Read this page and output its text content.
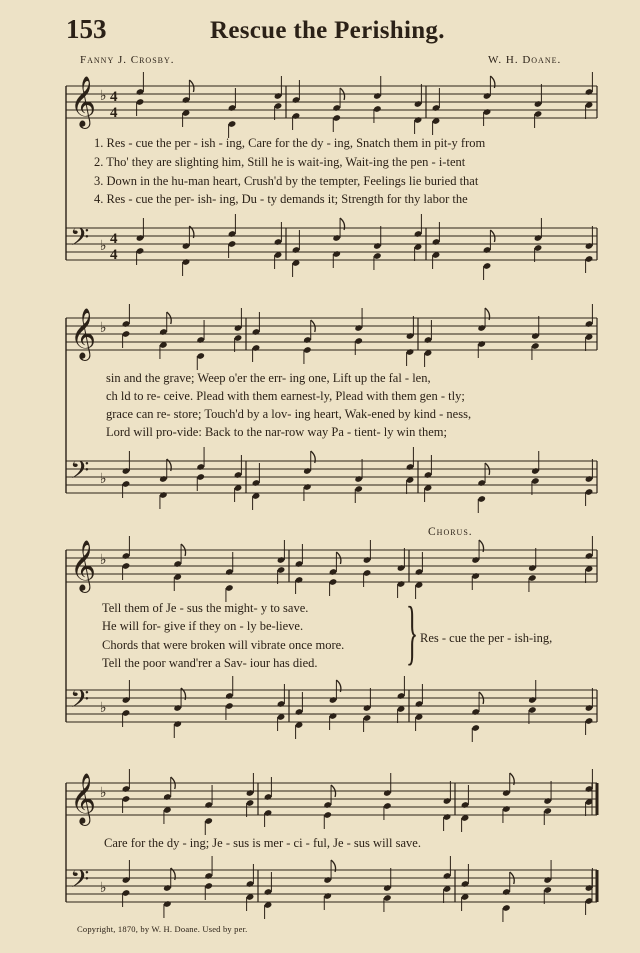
153	Rescue the Perishing.
Fanny J. Crosby.	W. H. Doane.
𝄞
𝄢
♭
♭
4
4
4
4
𝄞
𝄢
♭
♭
𝄞
𝄢
♭
♭
𝄞
𝄢
♭
♭
1. Res - cue the per - ish - ing, Care for the dy - ing, Snatch them in pit-y from
2. Tho' they are slighting him, Still he is wait-ing, Wait-ing the pen - i-tent
3. Down in the hu-man heart, Crush'd by the tempter, Feelings lie buried that
4. Res - cue the per- ish- ing, Du - ty demands it; Strength for thy labor the
sin and the grave; Weep o'er the err- ing one, Lift up the fal - len,
ch ld to re- ceive. Plead with them earnest-ly, Plead with them gen - tly;
grace can re- store; Touch'd by a lov- ing heart, Wak-ened by kind - ness,
Lord will pro-vide: Back to the nar-row way Pa - tient- ly win them;
Chorus.
Tell them of Je - sus the might- y to save.
He will for- give if they on - ly be-lieve.
Chords that were broken will vibrate once more.
Tell the poor wand'rer a Sav- iour has died. } Res - cue the per - ish-ing,
Care for the dy - ing; Je - sus is mer - ci - ful, Je - sus will save.
Copyright, 1870, by W. H. Doane. Used by per.
